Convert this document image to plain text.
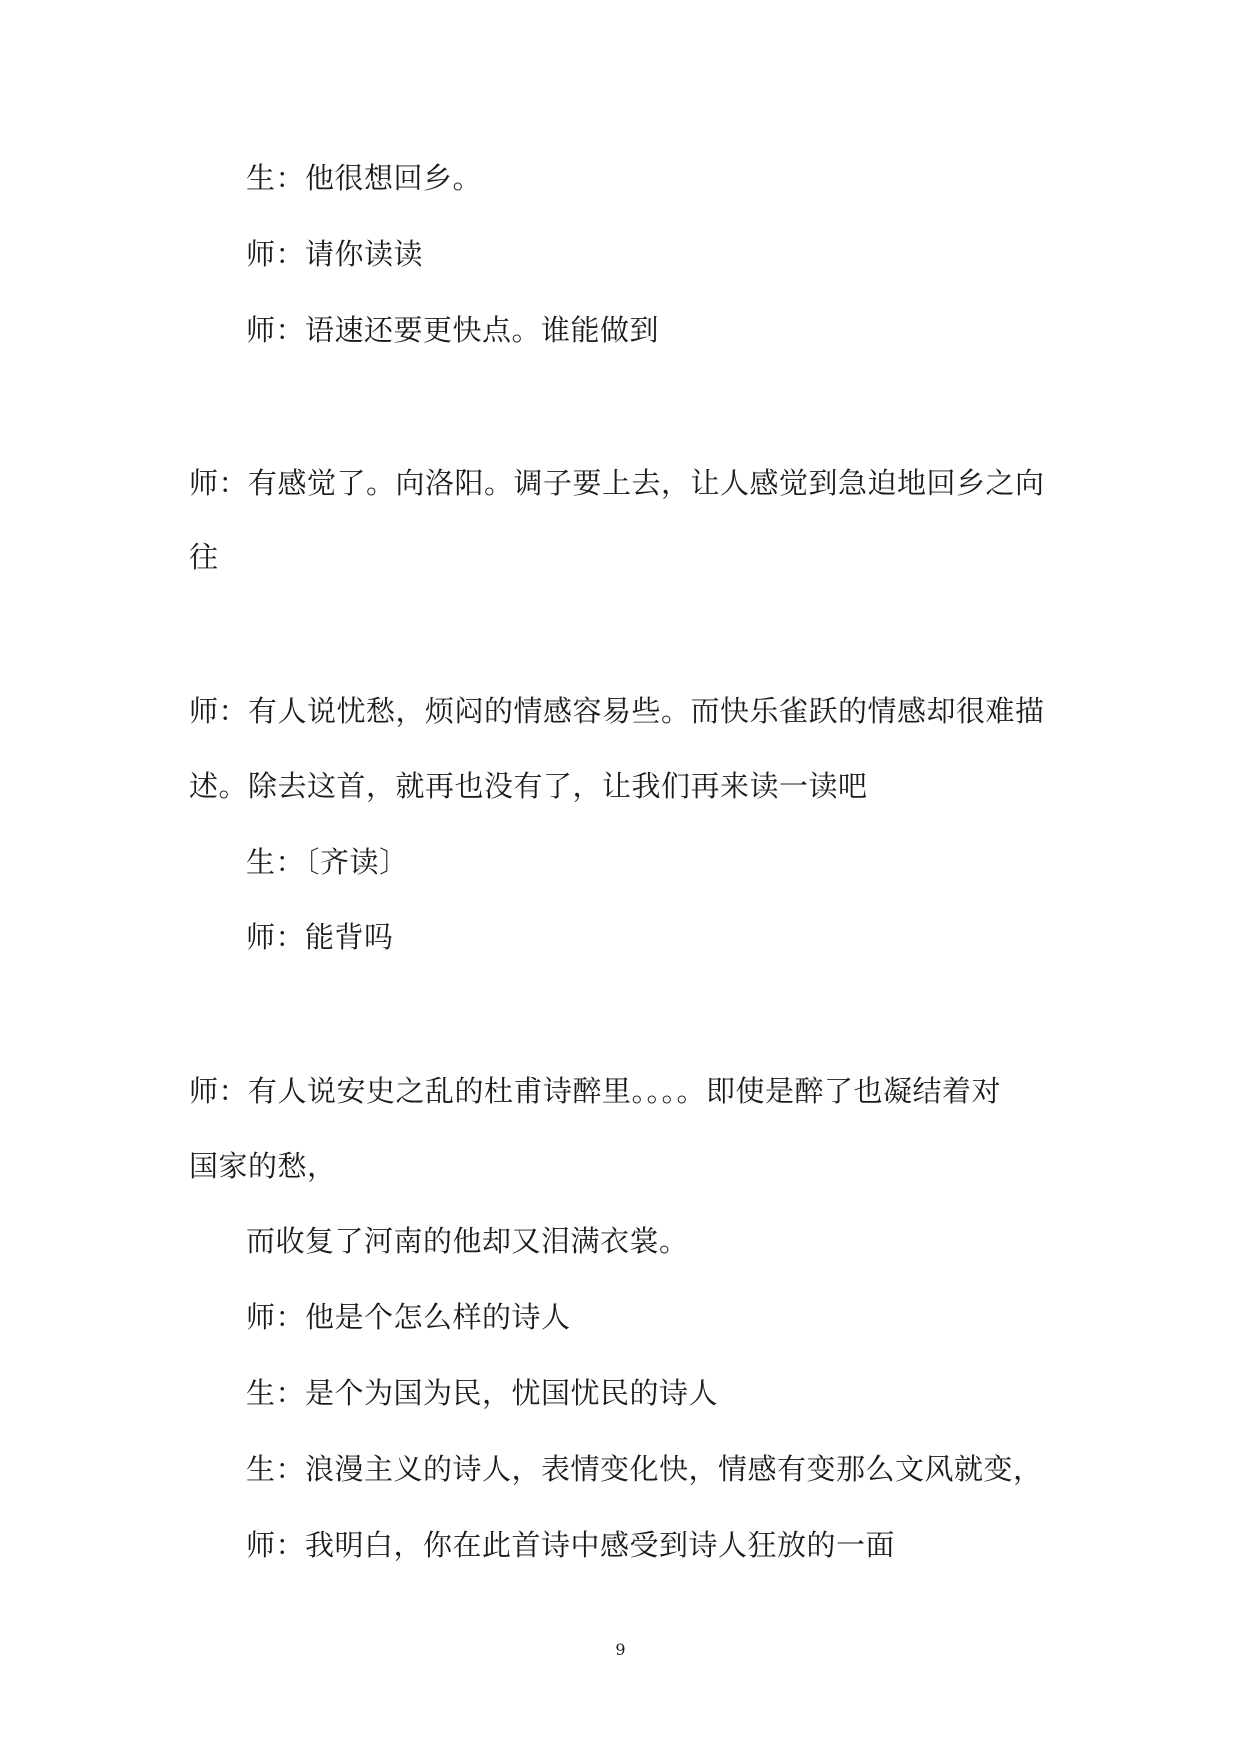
生：他很想回乡。
师：请你读读
师：语速还要更快点。谁能做到
师：有感觉了。向洛阳。调子要上去，让人感觉到急迫地回乡之向
往
师：有人说忧愁，烦闷的情感容易些。而快乐雀跃的情感却很难描
述。除去这首，就再也没有了，让我们再来读一读吧
生：〔齐读〕
师：能背吗
师：有人说安史之乱的杜甫诗醉里。。。。即使是醉了也凝结着对
国家的愁，
而收复了河南的他却又泪满衣裳。
师：他是个怎么样的诗人
生：是个为国为民，忧国忧民的诗人
生：浪漫主义的诗人，表情变化快，情感有变那么文风就变，
师：我明白，你在此首诗中感受到诗人狂放的一面
9
